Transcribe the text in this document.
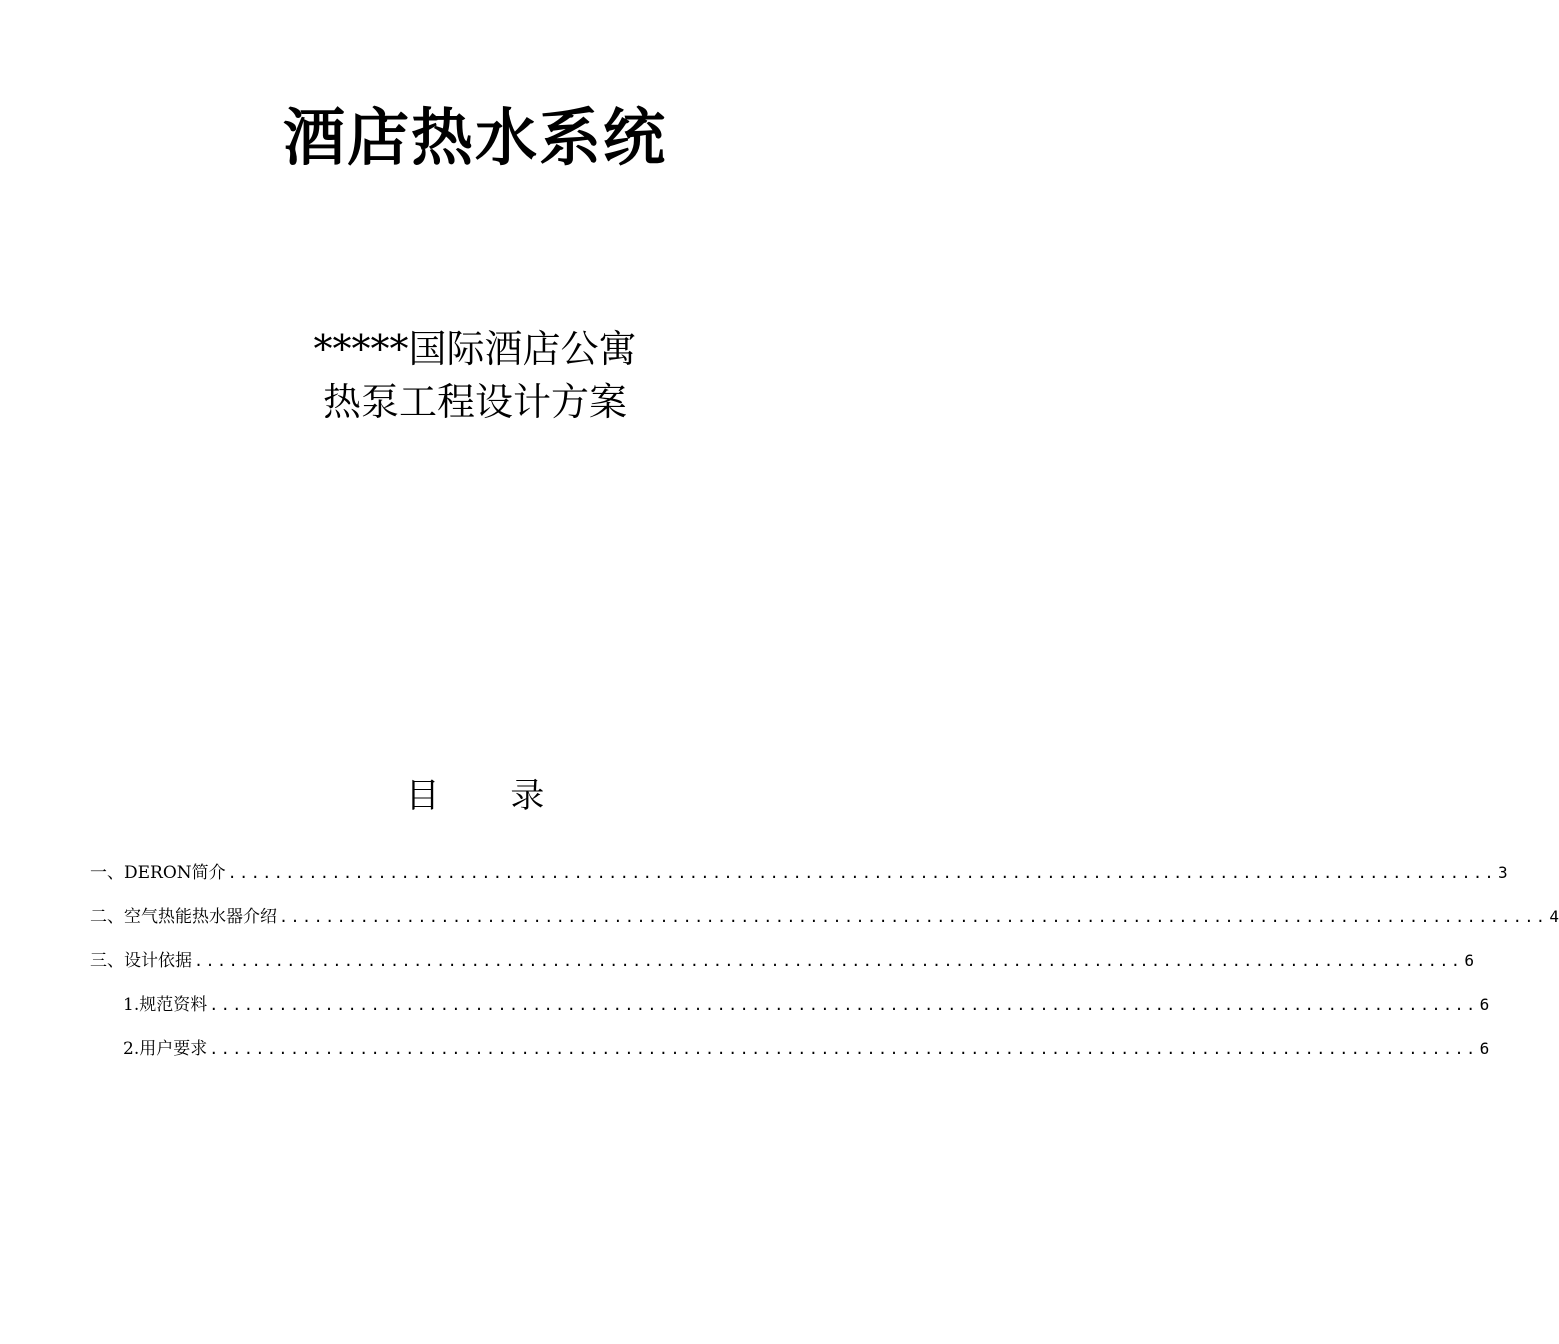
酒店热水系统
*****国际酒店公寓
热泵工程设计方案
目 录
一、DERON简介 .............................................................................................................. 3
二、空气热能热水器介绍 .............................................................................................................. 4
三、设计依据 .............................................................................................................. 6
1.规范资料 .............................................................................................................. 6
2.用户要求 .............................................................................................................. 6
